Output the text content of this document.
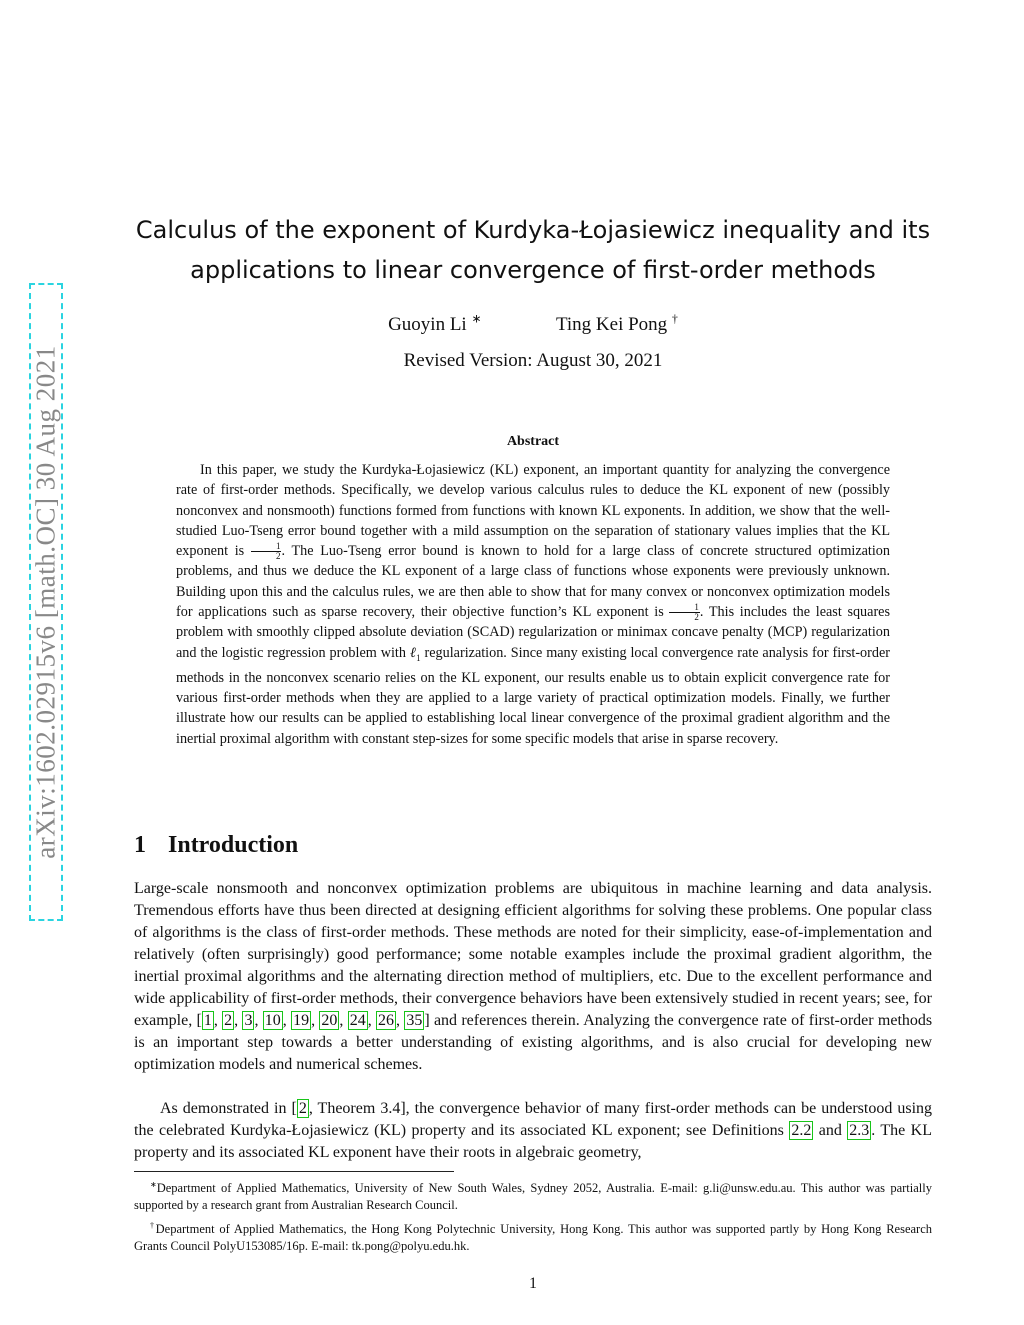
arXiv:1602.02915v6 [math.OC] 30 Aug 2021
Calculus of the exponent of Kurdyka-Łojasiewicz inequality and its
applications to linear convergence of first-order methods
Guoyin Li ∗	Ting Kei Pong †
Revised Version: August 30, 2021
Abstract

In this paper, we study the Kurdyka-Łojasiewicz (KL) exponent, an important quantity for analyzing the convergence rate of first-order methods. Specifically, we develop various calculus rules to deduce the KL exponent of new (possibly nonconvex and nonsmooth) functions formed from functions with known KL exponents. In addition, we show that the well-studied Luo-Tseng error bound together with a mild assumption on the separation of stationary values implies that the KL exponent is $\frac{1}{2}$ . The Luo-Tseng error bound is known to hold for a large class of concrete structured optimization problems, and thus we deduce the KL exponent of a large class of functions whose exponents were previously unknown. Building upon this and the calculus rules, we are then able to show that for many convex or nonconvex optimization models for applications such as sparse recovery, their objective function’s KL exponent is $\frac{1}{2}$ . This includes the least squares problem with smoothly clipped absolute deviation (SCAD) regularization or minimax concave penalty (MCP) regularization and the logistic regression problem with ℓ$_1$ regularization. Since many existing local convergence rate analysis for first-order methods in the nonconvex scenario relies on the KL exponent, our results enable us to obtain explicit convergence rate for various first-order methods when they are applied to a large variety of practical optimization models. Finally, we further illustrate how our results can be applied to establishing local linear convergence of the proximal gradient algorithm and the inertial proximal algorithm with constant step-sizes for some specific models that arise in sparse recovery.

1 Introduction

Large-scale nonsmooth and nonconvex optimization problems are ubiquitous in machine learning and data analysis. Tremendous efforts have thus been directed at designing efficient algorithms for solving these problems. One popular class of algorithms is the class of first-order methods. These methods are noted for their simplicity, ease-of-implementation and relatively (often surprisingly) good performance; some notable examples include the proximal gradient algorithm, the inertial proximal algorithms and the alternating direction method of multipliers, etc. Due to the excellent performance and wide applicability of first-order methods, their convergence behaviors have been extensively studied in recent years; see, for example, [ 1 , 2 , 3 , 10 , 19 , 20 , 24 , 26 , 35 ] and references therein. Analyzing the convergence rate of first-order methods is an important step towards a better understanding of existing algorithms, and is also crucial for developing new optimization models and numerical schemes.

As demonstrated in [ 2 , Theorem 3.4], the convergence behavior of many first-order methods can be understood using the celebrated Kurdyka-Łojasiewicz (KL) property and its associated KL exponent; see Definitions 2.2 and 2.3 . The KL property and its associated KL exponent have their roots in algebraic geometry,

∗Department of Applied Mathematics, University of New South Wales, Sydney 2052, Australia. E-mail: g.li@unsw.edu.au. This author was partially supported by a research grant from Australian Research Council.

†Department of Applied Mathematics, the Hong Kong Polytechnic University, Hong Kong. This author was supported partly by Hong Kong Research Grants Council PolyU153085/16p. E-mail: tk.pong@polyu.edu.hk.

1
